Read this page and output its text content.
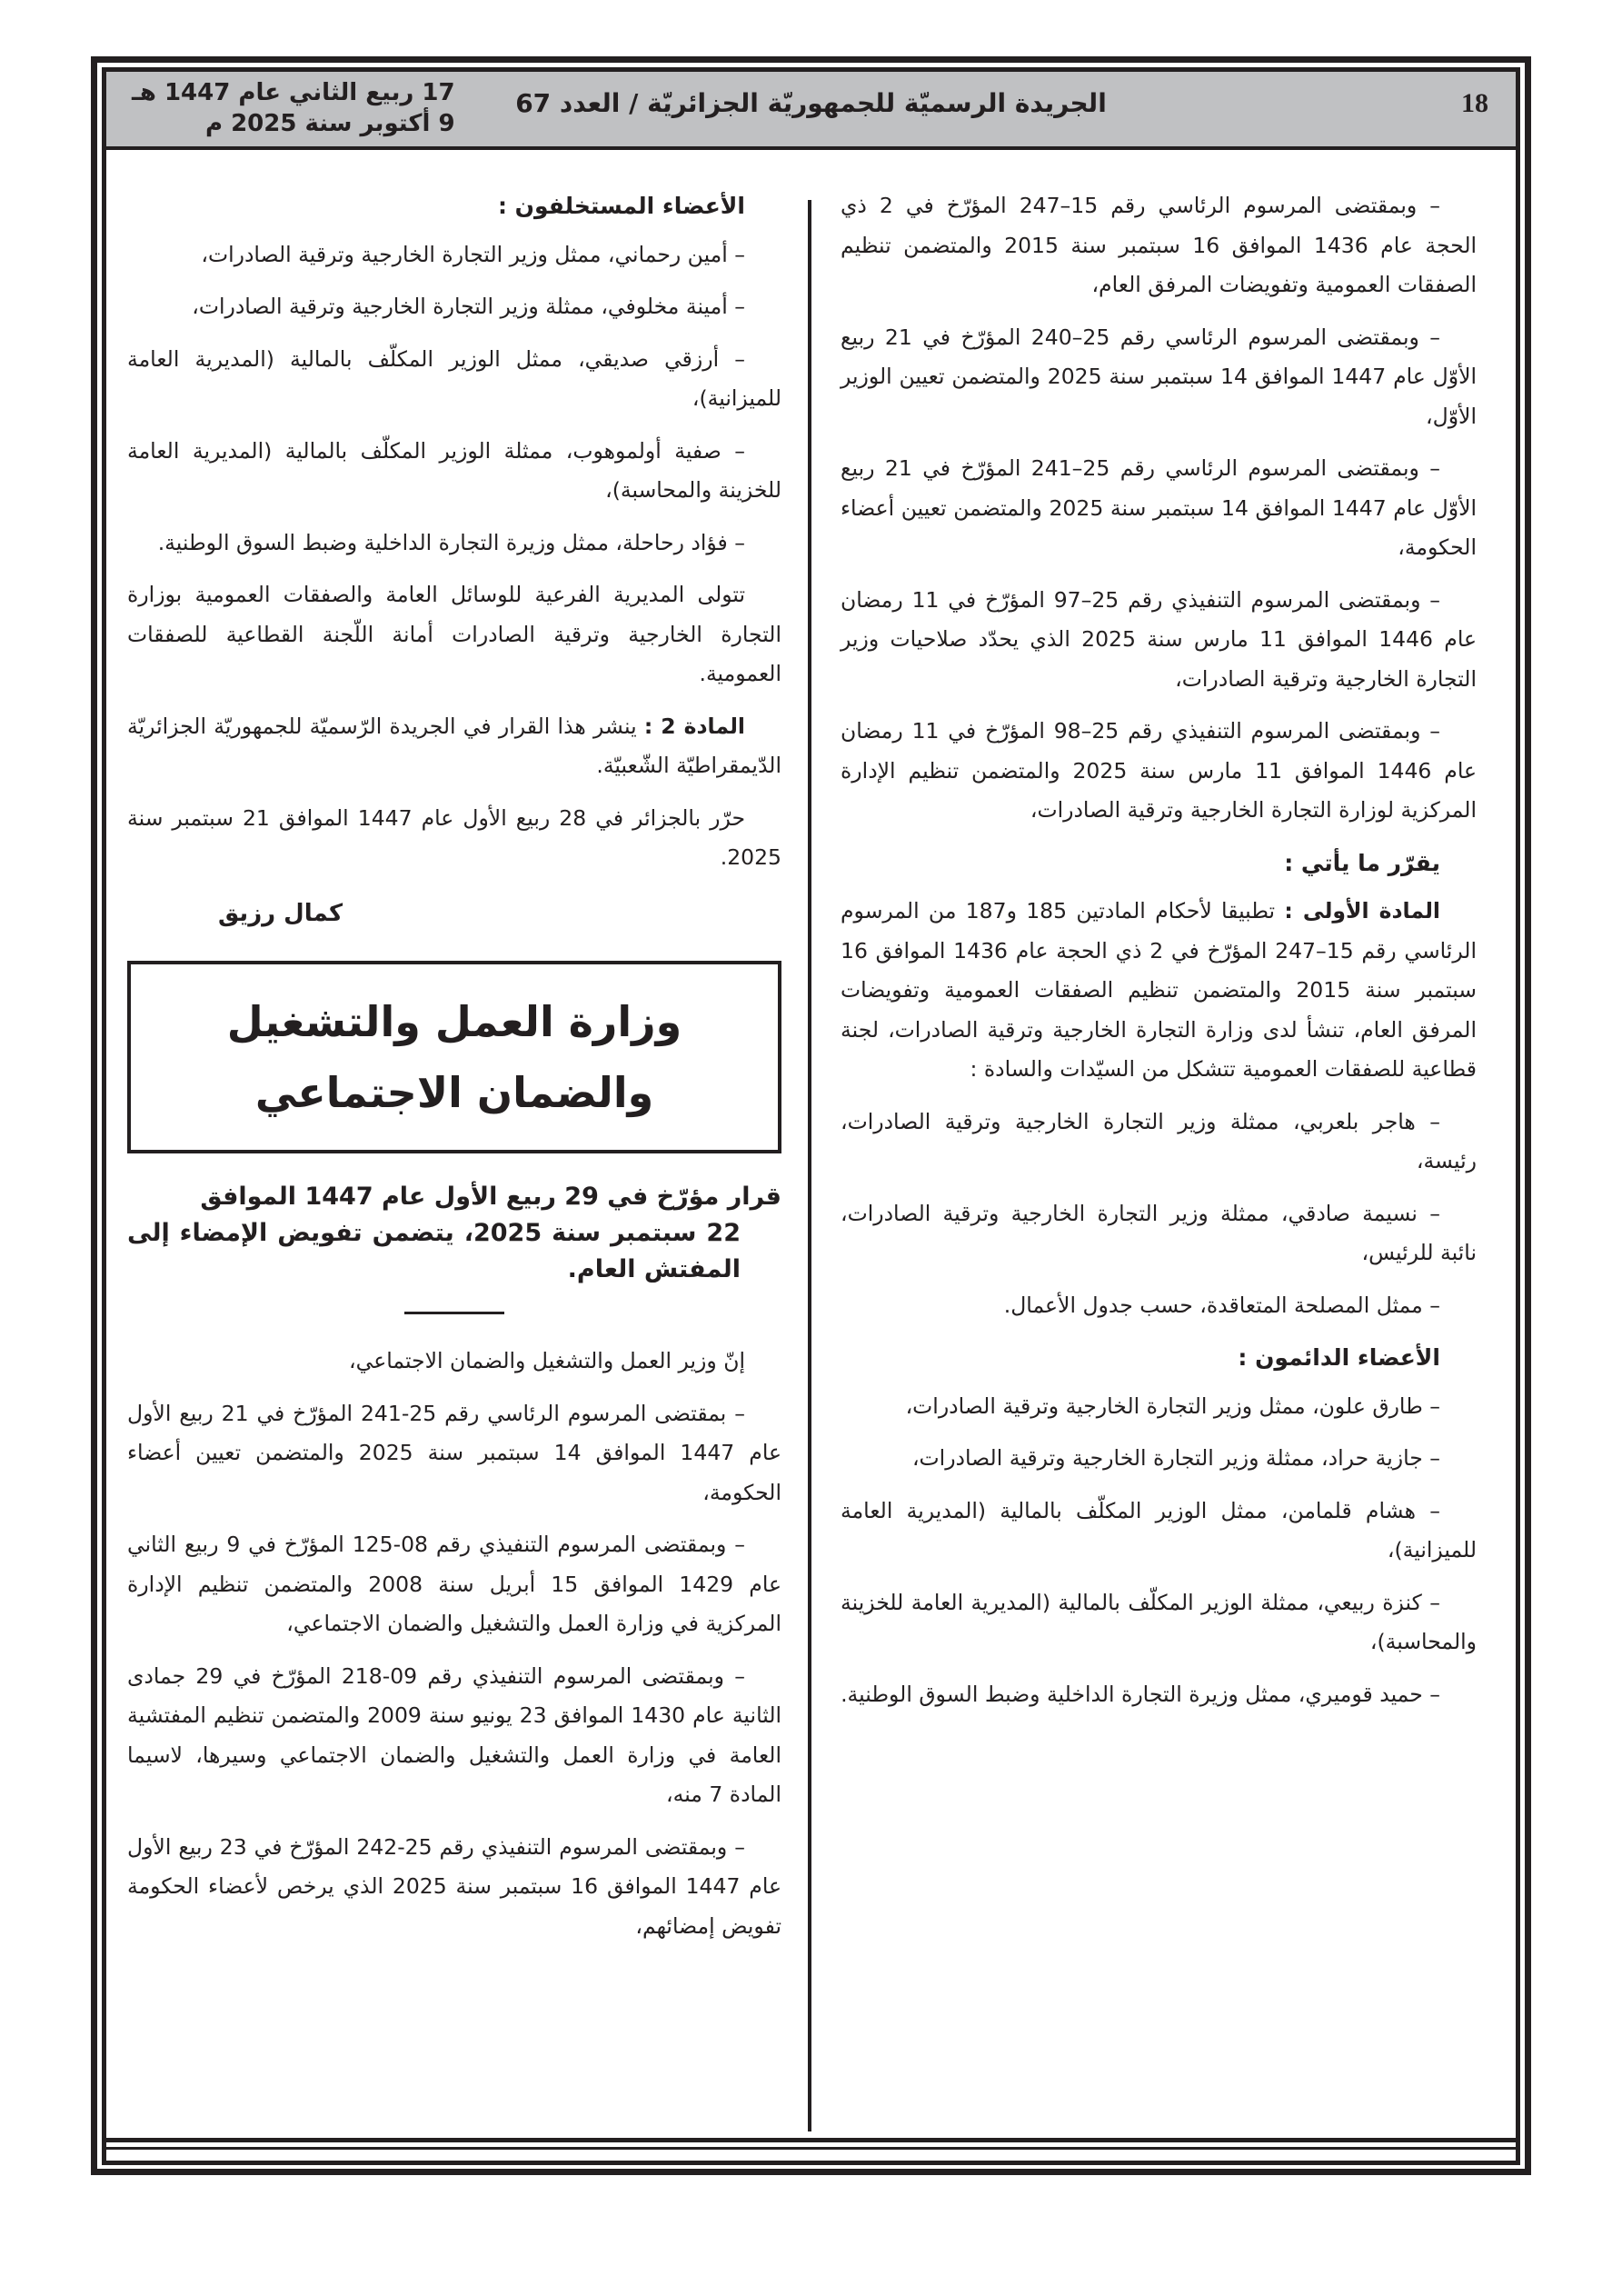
18
الجريدة الرسميّة للجمهوريّة الجزائريّة / العدد 67
17 ربيع الثاني عام 1447 هـ
9 أكتوبر سنة 2025 م

– وبمقتضى المرسوم الرئاسي رقم 15–247 المؤرّخ في 2 ذي الحجة عام 1436 الموافق 16 سبتمبر سنة 2015 والمتضمن تنظيم الصفقات العمومية وتفويضات المرفق العام،

– وبمقتضى المرسوم الرئاسي رقم 25–240 المؤرّخ في 21 ربيع الأوّل عام 1447 الموافق 14 سبتمبر سنة 2025 والمتضمن تعيين الوزير الأوّل،

– وبمقتضى المرسوم الرئاسي رقم 25–241 المؤرّخ في 21 ربيع الأوّل عام 1447 الموافق 14 سبتمبر سنة 2025 والمتضمن تعيين أعضاء الحكومة،

– وبمقتضى المرسوم التنفيذي رقم 25–97 المؤرّخ في 11 رمضان عام 1446 الموافق 11 مارس سنة 2025 الذي يحدّد صلاحيات وزير التجارة الخارجية وترقية الصادرات،

– وبمقتضى المرسوم التنفيذي رقم 25–98 المؤرّخ في 11 رمضان عام 1446 الموافق 11 مارس سنة 2025 والمتضمن تنظيم الإدارة المركزية لوزارة التجارة الخارجية وترقية الصادرات،

يقرّر ما يأتي :

المادة الأولى : تطبيقا لأحكام المادتين 185 و187 من المرسوم الرئاسي رقم 15–247 المؤرّخ في 2 ذي الحجة عام 1436 الموافق 16 سبتمبر سنة 2015 والمتضمن تنظيم الصفقات العمومية وتفويضات المرفق العام، تنشأ لدى وزارة التجارة الخارجية وترقية الصادرات، لجنة قطاعية للصفقات العمومية تتشكل من السيّدات والسادة :

– هاجر بلعربي، ممثلة وزير التجارة الخارجية وترقية الصادرات، رئيسة،

– نسيمة صادقي، ممثلة وزير التجارة الخارجية وترقية الصادرات، نائبة للرئيس،

– ممثل المصلحة المتعاقدة، حسب جدول الأعمال.

الأعضاء الدائمون :

– طارق علون، ممثل وزير التجارة الخارجية وترقية الصادرات،

– جازية حراد، ممثلة وزير التجارة الخارجية وترقية الصادرات،

– هشام قلمامن، ممثل الوزير المكلّف بالمالية (المديرية العامة للميزانية)،

– كنزة ربيعي، ممثلة الوزير المكلّف بالمالية (المديرية العامة للخزينة والمحاسبة)،

– حميد قوميري، ممثل وزيرة التجارة الداخلية وضبط السوق الوطنية.

الأعضاء المستخلفون :

– أمين رحماني، ممثل وزير التجارة الخارجية وترقية الصادرات،

– أمينة مخلوفي، ممثلة وزير التجارة الخارجية وترقية الصادرات،

– أرزقي صديقي، ممثل الوزير المكلّف بالمالية (المديرية العامة للميزانية)،

– صفية أولموهوب، ممثلة الوزير المكلّف بالمالية (المديرية العامة للخزينة والمحاسبة)،

– فؤاد رحاحلة، ممثل وزيرة التجارة الداخلية وضبط السوق الوطنية.

تتولى المديرية الفرعية للوسائل العامة والصفقات العمومية بوزارة التجارة الخارجية وترقية الصادرات أمانة اللّجنة القطاعية للصفقات العمومية.

المادة 2 : ينشر هذا القرار في الجريدة الرّسميّة للجمهوريّة الجزائريّة الدّيمقراطيّة الشّعبيّة.

حرّر بالجزائر في 28 ربيع الأول عام 1447 الموافق 21 سبتمبر سنة 2025.

كمال رزيق
وزارة العمل والتشغيل
والضمان الاجتماعي
قرار مؤرّخ في 29 ربيع الأول عام 1447 الموافق
22 سبتمبر سنة 2025، يتضمن تفويض الإمضاء إلى المفتش العام.

إنّ وزير العمل والتشغيل والضمان الاجتماعي،

– بمقتضى المرسوم الرئاسي رقم 25-241 المؤرّخ في 21 ربيع الأول عام 1447 الموافق 14 سبتمبر سنة 2025 والمتضمن تعيين أعضاء الحكومة،

– وبمقتضى المرسوم التنفيذي رقم 08-125 المؤرّخ في 9 ربيع الثاني عام 1429 الموافق 15 أبريل سنة 2008 والمتضمن تنظيم الإدارة المركزية في وزارة العمل والتشغيل والضمان الاجتماعي،

– وبمقتضى المرسوم التنفيذي رقم 09-218 المؤرّخ في 29 جمادى الثانية عام 1430 الموافق 23 يونيو سنة 2009 والمتضمن تنظيم المفتشية العامة في وزارة العمل والتشغيل والضمان الاجتماعي وسيرها، لاسيما المادة 7 منه،

– وبمقتضى المرسوم التنفيذي رقم 25-242 المؤرّخ في 23 ربيع الأول عام 1447 الموافق 16 سبتمبر سنة 2025 الذي يرخص لأعضاء الحكومة تفويض إمضائهم،
